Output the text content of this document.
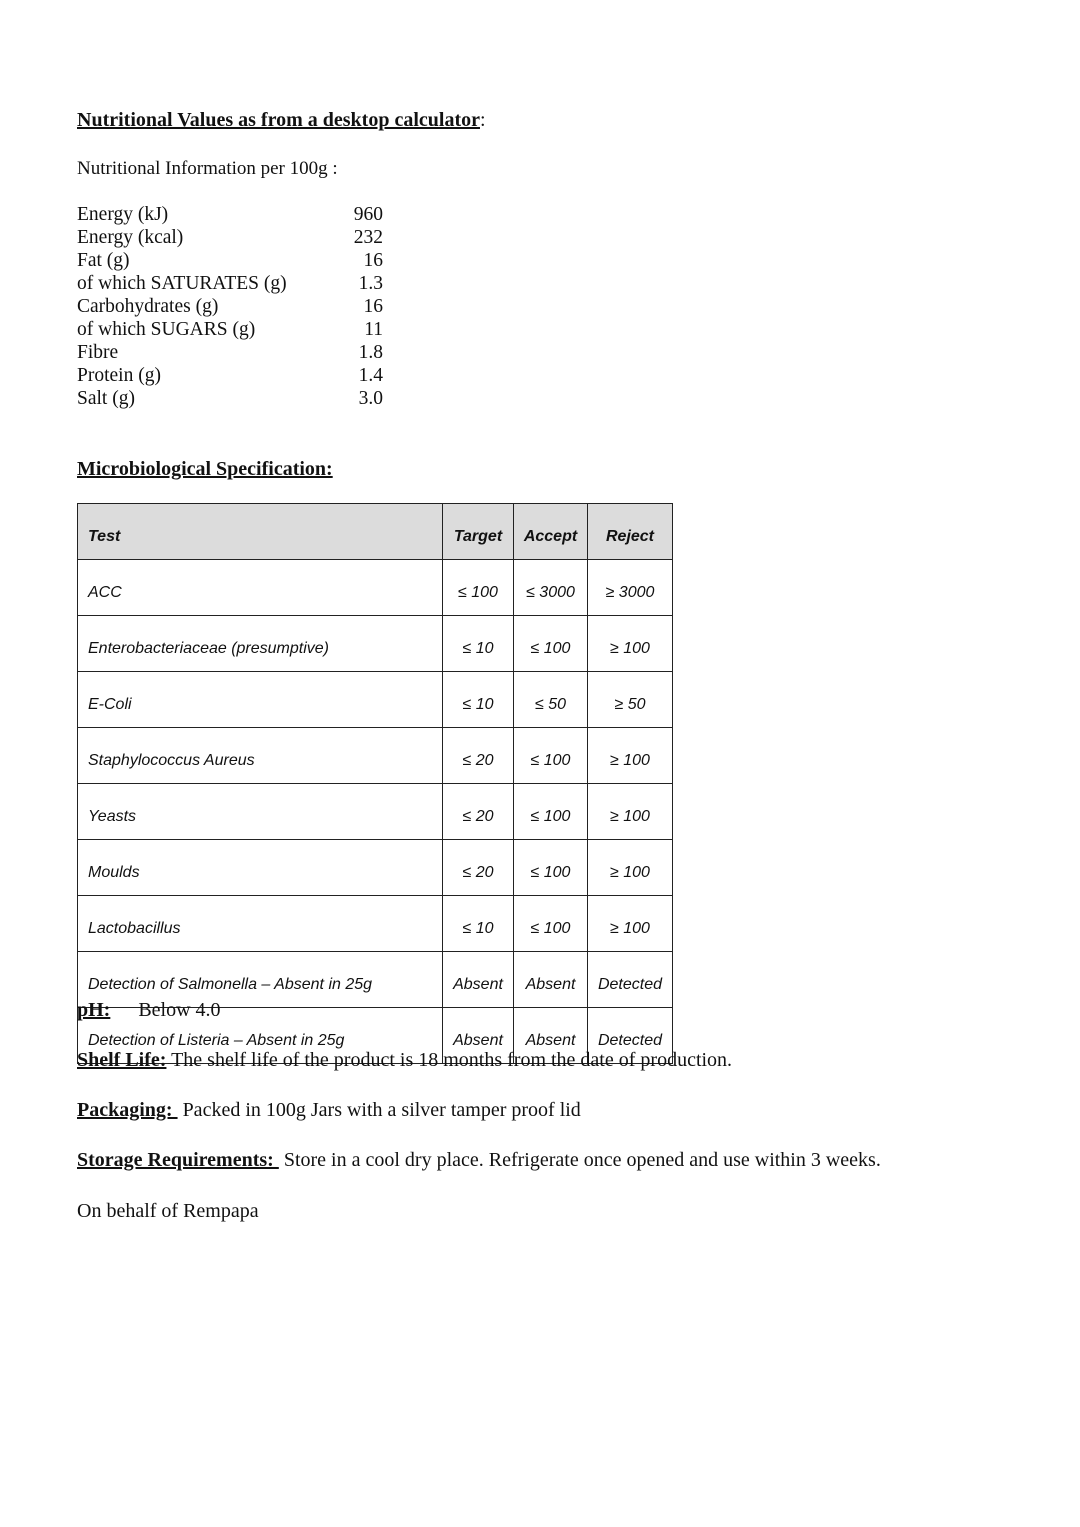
Nutritional Values as from a desktop calculator:
Nutritional Information per 100g :
Energy (kJ)	960
Energy (kcal)	232
Fat (g)	16
of which SATURATES (g)	1.3
Carbohydrates (g)	16
of which SUGARS (g)	11
Fibre	1.8
Protein (g)	1.4
Salt (g)	3.0
Microbiological Specification:
Test	Target	Accept	Reject
ACC	≤ 100	≤ 3000	≥ 3000
Enterobacteriaceae (presumptive)	≤ 10	≤ 100	≥ 100
E-Coli	≤ 10	≤ 50	≥ 50
Staphylococcus Aureus	≤ 20	≤ 100	≥ 100
Yeasts	≤ 20	≤ 100	≥ 100
Moulds	≤ 20	≤ 100	≥ 100
Lactobacillus	≤ 10	≤ 100	≥ 100
Detection of Salmonella – Absent in 25g	Absent	Absent	Detected
Detection of Listeria – Absent in 25g	Absent	Absent	Detected
pH: Below 4.0
Shelf Life: The shelf life of the product is 18 months from the date of production.
Packaging:  Packed in 100g Jars with a silver tamper proof lid
Storage Requirements:  Store in a cool dry place. Refrigerate once opened and use within 3 weeks.
On behalf of Rempapa
